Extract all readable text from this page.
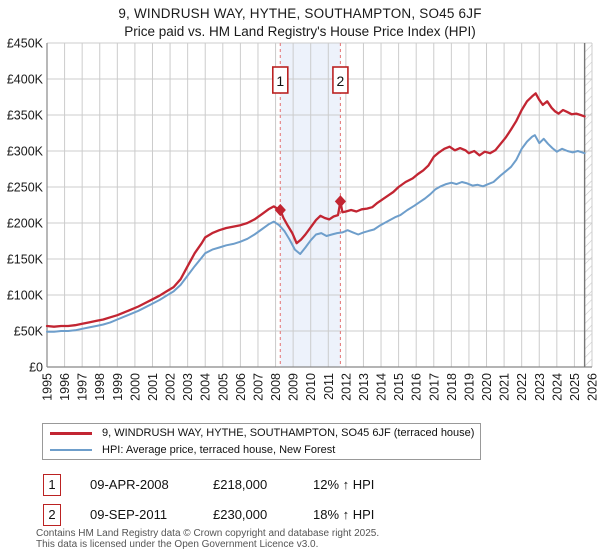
9, WINDRUSH WAY, HYTHE, SOUTHAMPTON, SO45 6JF
Price paid vs. HM Land Registry's House Price Index (HPI)
1	2
£0
£50K
£100K
£150K
£200K
£250K
£300K
£350K
£400K
£450K
1995 1996 1997 1998 1999 2000 2001 2002 2003 2004 2005 2006 2007 2008 2009 2010 2011 2012 2013 2014 2015 2016 2017 2018 2019 2020 2021 2022 2023 2024 2025 2026
9, WINDRUSH WAY, HYTHE, SOUTHAMPTON, SO45 6JF (terraced house)
HPI: Average price, terraced house, New Forest
1	09-APR-2008	£218,000	12% ↑ HPI
2	09-SEP-2011	£230,000	18% ↑ HPI
Contains HM Land Registry data © Crown copyright and database right 2025.
This data is licensed under the Open Government Licence v3.0.
